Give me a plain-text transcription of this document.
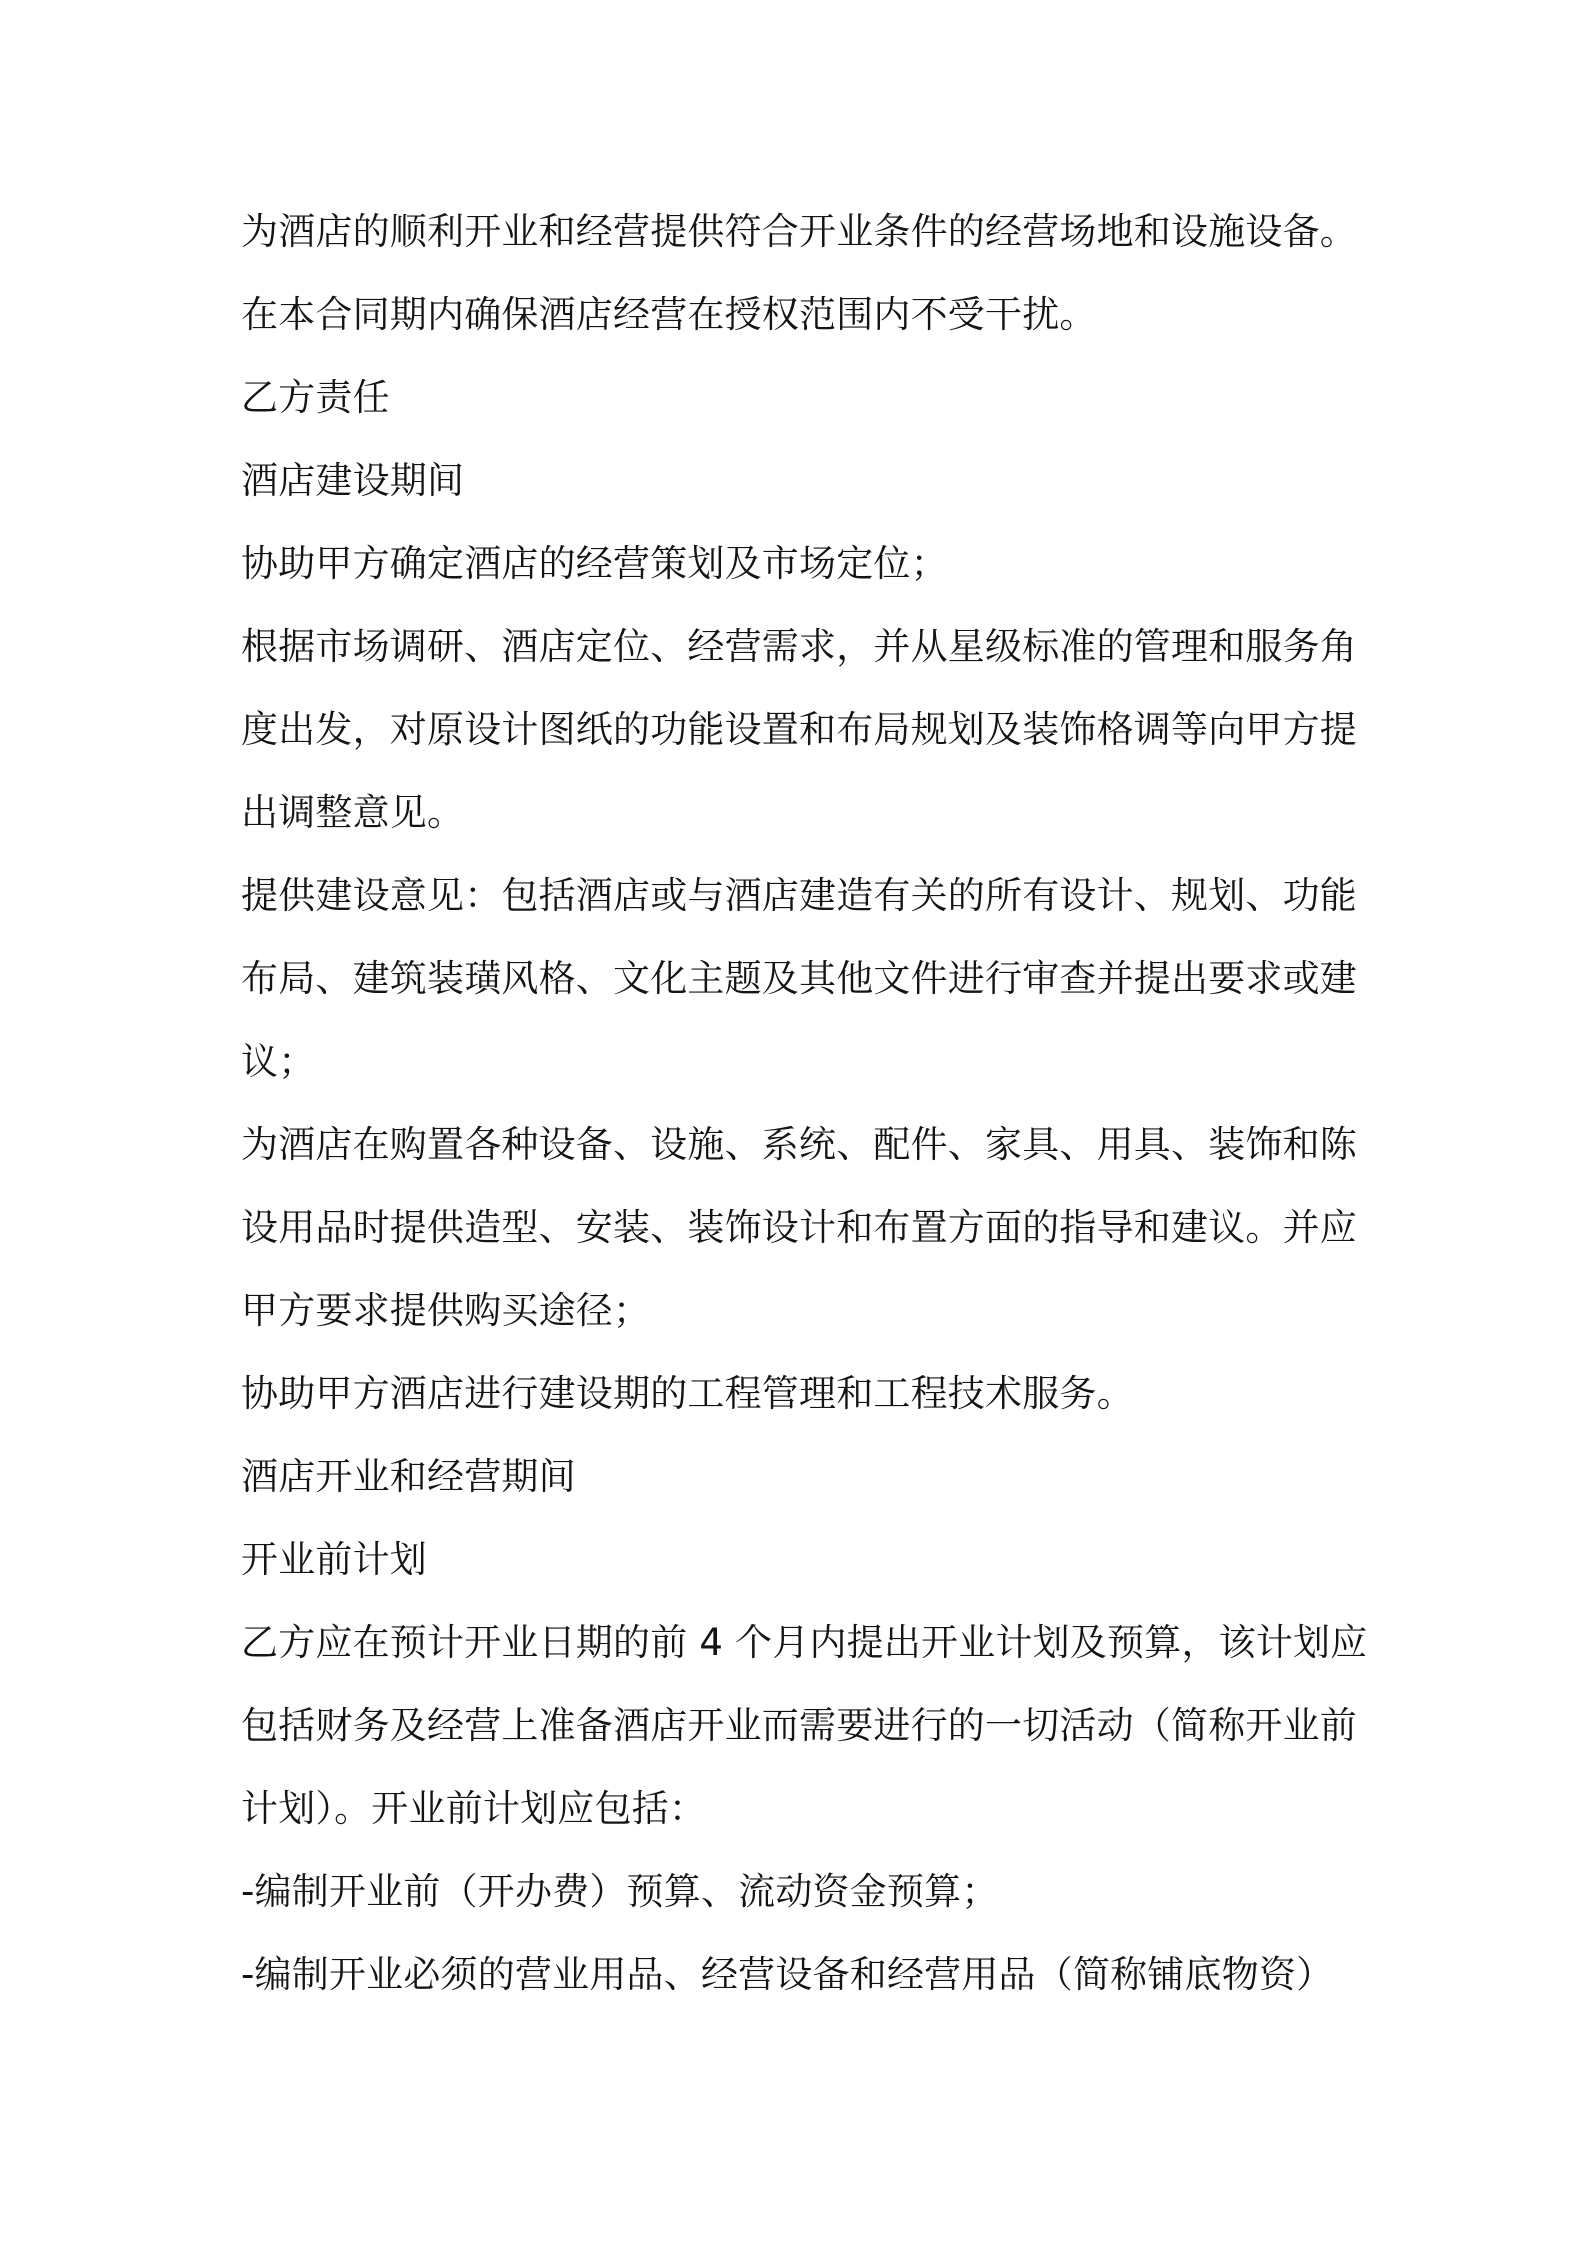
为酒店的顺利开业和经营提供符合开业条件的经营场地和设施设备。
在本合同期内确保酒店经营在授权范围内不受干扰。
乙方责任
酒店建设期间
协助甲方确定酒店的经营策划及市场定位；
根据市场调研、酒店定位、经营需求，并从星级标准的管理和服务角
度出发，对原设计图纸的功能设置和布局规划及装饰格调等向甲方提
出调整意见。
提供建设意见：包括酒店或与酒店建造有关的所有设计、规划、功能
布局、建筑装璜风格、文化主题及其他文件进行审查并提出要求或建
议；
为酒店在购置各种设备、设施、系统、配件、家具、用具、装饰和陈
设用品时提供造型、安装、装饰设计和布置方面的指导和建议。并应
甲方要求提供购买途径；
协助甲方酒店进行建设期的工程管理和工程技术服务。
酒店开业和经营期间
开业前计划
乙方应在预计开业日期的前 4 个月内提出开业计划及预算，该计划应
包括财务及经营上准备酒店开业而需要进行的一切活动（简称开业前
计划）。开业前计划应包括：
-编制开业前（开办费）预算、流动资金预算；
-编制开业必须的营业用品、经营设备和经营用品（简称铺底物资）
